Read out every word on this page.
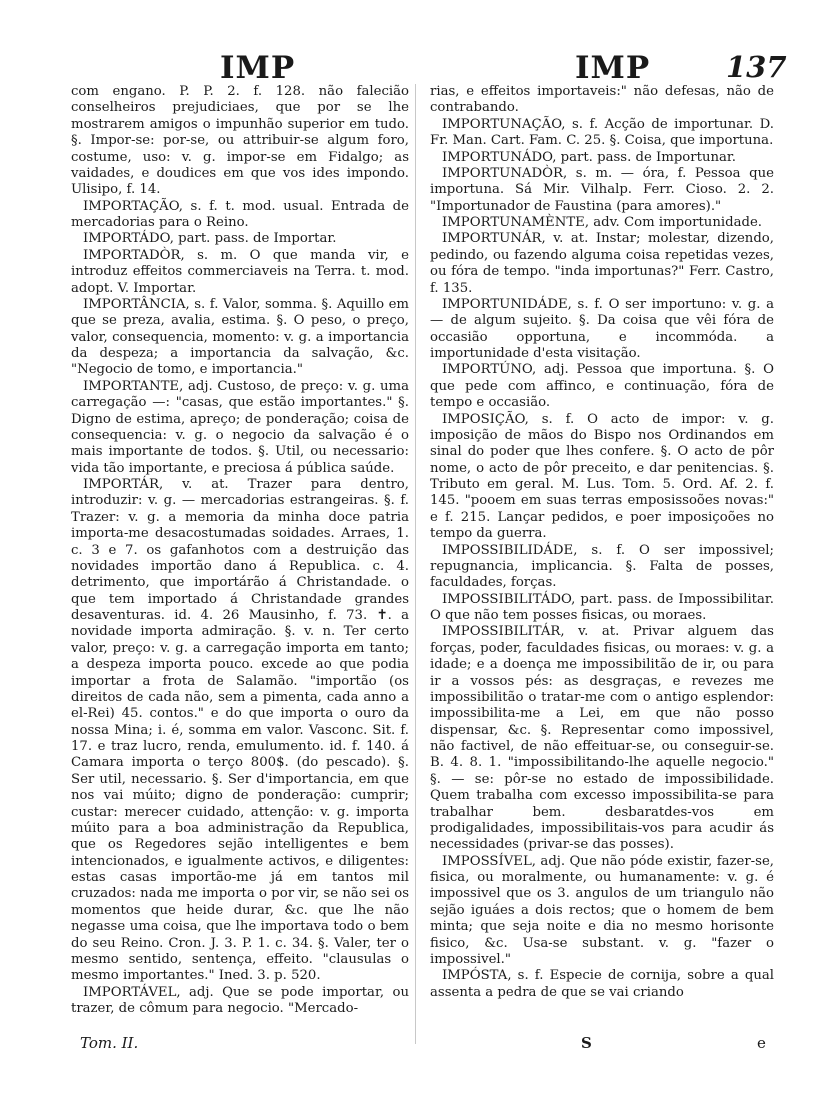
IMP	IMP	137

com engano. P. P. 2. f. 128. não falecião conselheiros prejudiciaes, que por se lhe mostrarem amigos o impunhão superior em tudo. §. Impor-se: por-se, ou attribuir-se algum foro, costume, uso: v. g. impor-se em Fidalgo; as vaidades, e doudices em que vos ides impondo. Ulisipo, f. 14.

IMPORTAÇÃO, s. f. t. mod. usual. Entrada de mercadorias para o Reino.

IMPORTÁDO, part. pass. de Importar.

IMPORTADÒR, s. m. O que manda vir, e introduz effeitos commerciaveis na Terra. t. mod. adopt. V. Importar.

IMPORTÂNCIA, s. f. Valor, somma. §. Aquillo em que se preza, avalia, estima. §. O peso, o preço, valor, consequencia, momento: v. g. a importancia da despeza; a importancia da salvação, &c. "Negocio de tomo, e importancia."

IMPORTANTE, adj. Custoso, de preço: v. g. uma carregação —: "casas, que estão importantes." §. Digno de estima, apreço; de ponderação; coisa de consequencia: v. g. o negocio da salvação é o mais importante de todos. §. Util, ou necessario: vida tão importante, e preciosa á pública saúde.

IMPORTÁR, v. at. Trazer para dentro, introduzir: v. g. — mercadorias estrangeiras. §. f. Trazer: v. g. a memoria da minha doce patria importa-me desacostumadas soidades. Arraes, 1. c. 3 e 7. os gafanhotos com a destruição das novidades importão dano á Republica. c. 4. detrimento, que importárão á Christandade. o que tem importado á Christandade grandes desaventuras. id. 4. 26 Mausinho, f. 73. ✝. a novidade importa admiração. §. v. n. Ter certo valor, preço: v. g. a carregação importa em tanto; a despeza importa pouco. excede ao que podia importar a frota de Salamão. "importão (os direitos de cada não, sem a pimenta, cada anno a el-Rei) 45. contos." e do que importa o ouro da nossa Mina; i. é, somma em valor. Vasconc. Sit. f. 17. e traz lucro, renda, emulumento. id. f. 140. á Camara importa o terço 800$. (do pescado). §. Ser util, necessario. §. Ser d'importancia, em que nos vai múito; digno de ponderação: cumprir; custar: merecer cuidado, attenção: v. g. importa múito para a boa administração da Republica, que os Regedores sejão intelligentes e bem intencionados, e igualmente activos, e diligentes: estas casas importão-me já em tantos mil cruzados: nada me importa o por vir, se não sei os momentos que heide durar, &c. que lhe não negasse uma coisa, que lhe importava todo o bem do seu Reino. Cron. J. 3. P. 1. c. 34. §. Valer, ter o mesmo sentido, sentença, effeito. "clausulas o mesmo importantes." Ined. 3. p. 520.

IMPORTÁVEL, adj. Que se pode importar, ou trazer, de cômum para negocio. "Mercado-

rias, e effeitos importaveis:" não defesas, não de contrabando.

IMPORTUNAÇÃO, s. f. Acção de importunar. D. Fr. Man. Cart. Fam. C. 25. §. Coisa, que importuna.

IMPORTUNÁDO, part. pass. de Importunar.

IMPORTUNADÒR, s. m. — óra, f. Pessoa que importuna. Sá Mir. Vilhalp. Ferr. Cioso. 2. 2. "Importunador de Faustina (para amores)."

IMPORTUNAMÈNTE, adv. Com importunidade.

IMPORTUNÁR, v. at. Instar; molestar, dizendo, pedindo, ou fazendo alguma coisa repetidas vezes, ou fóra de tempo. "inda importunas?" Ferr. Castro, f. 135.

IMPORTUNIDÁDE, s. f. O ser importuno: v. g. a — de algum sujeito. §. Da coisa que vêi fóra de occasião opportuna, e incommóda. a importunidade d'esta visitação.

IMPORTÚNO, adj. Pessoa que importuna. §. O que pede com affinco, e continuação, fóra de tempo e occasião.

IMPOSIÇÃO, s. f. O acto de impor: v. g. imposição de mãos do Bispo nos Ordinandos em sinal do poder que lhes confere. §. O acto de pôr nome, o acto de pôr preceito, e dar penitencias. §. Tributo em geral. M. Lus. Tom. 5. Ord. Af. 2. f. 145. "pooem em suas terras emposissoões novas:" e f. 215. Lançar pedidos, e poer imposiçoões no tempo da guerra.

IMPOSSIBILIDÁDE, s. f. O ser impossivel; repugnancia, implicancia. §. Falta de posses, faculdades, forças.

IMPOSSIBILITÁDO, part. pass. de Impossibilitar. O que não tem posses fisicas, ou moraes.

IMPOSSIBILITÁR, v. at. Privar alguem das forças, poder, faculdades fisicas, ou moraes: v. g. a idade; e a doença me impossibilitão de ir, ou para ir a vossos pés: as desgraças, e revezes me impossibilitão o tratar-me com o antigo esplendor: impossibilita-me a Lei, em que não posso dispensar, &c. §. Representar como impossivel, não factivel, de não effeituar-se, ou conseguir-se. B. 4. 8. 1. "impossibilitando-lhe aquelle negocio." §. — se: pôr-se no estado de impossibilidade. Quem trabalha com excesso impossibilita-se para trabalhar bem. desbaratdes-vos em prodigalidades, impossibilitais-vos para acudir ás necessidades (privar-se das posses).

IMPOSSÍVEL, adj. Que não póde existir, fazer-se, fisica, ou moralmente, ou humanamente: v. g. é impossivel que os 3. angulos de um triangulo não sejão iguáes a dois rectos; que o homem de bem minta; que seja noite e dia no mesmo horisonte fisico, &c. Usa-se substant. v. g. "fazer o impossivel."

IMPÓSTA, s. f. Especie de cornija, sobre a qual assenta a pedra de que se vai criando

Tom. II.	S	e
